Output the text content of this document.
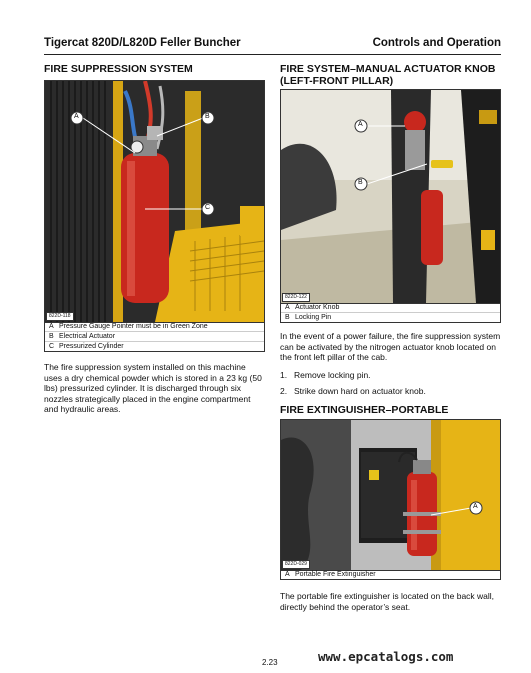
Tigercat 820D/L820D Feller Buncher	Controls and Operation
FIRE SUPPRESSION SYSTEM
A	B
C
822D-118
A Pressure Gauge Pointer must be in Green Zone
B Electrical Actuator
C Pressurized Cylinder
The fire suppression system installed on this machine uses a dry chemical powder which is stored in a 23 kg (50 lbs) pressurized cylinder. It is discharged through six nozzles strategically placed in the engine compartment and hydraulic areas.
FIRE SYSTEM–MANUAL ACTUATOR KNOB
(LEFT-FRONT PILLAR)
A
B
822D-122
A Actuator Knob
B Locking Pin
In the event of a power failure, the fire suppression system can be activated by the nitrogen actuator knob located on the front left pillar of the cab.
1. Remove locking pin.
2. Strike down hard on actuator knob.
FIRE EXTINGUISHER–PORTABLE
A
822D-029
A Portable Fire Extinguisher
The portable fire extinguisher is located on the back wall, directly behind the operator’s seat.
www.epcatalogs.com
2.23
